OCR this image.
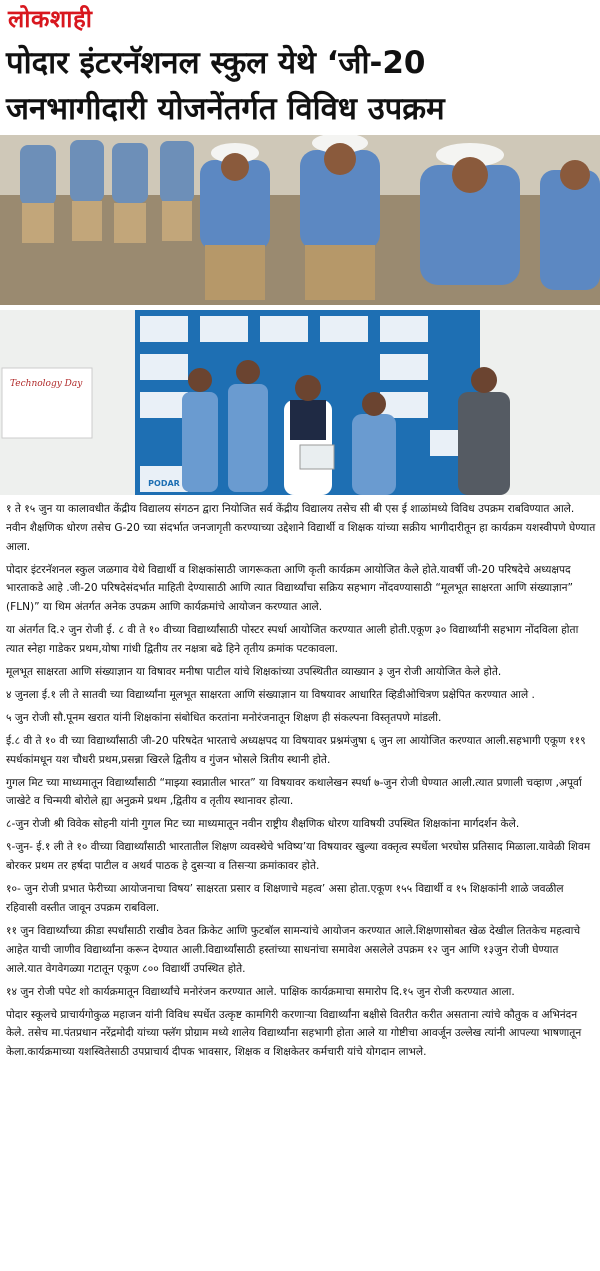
लोकशाही
पोदार इंटरनॅशनल स्कुल येथे ‘जी-20
जनभागीदारी योजनेंतर्गत विविध उपक्रम
PODAR
Technology Day

१ ते १५ जुन या कालावधीत केंद्रीय विद्यालय संगठन द्वारा नियोजित सर्व केंद्रीय विद्यालय तसेच सी बी एस ई शाळांमध्ये विविध उपक्रम राबविण्यात आले. नवीन शैक्षणिक धोरण तसेच G-20 च्या संदर्भात जनजागृती करण्याच्या उद्देशाने विद्यार्थी व शिक्षक यांच्या सक्रीय भागीदारीतून हा कार्यक्रम यशस्वीपणे घेण्यात आला.

पोदार इंटरनॅशनल स्कुल जळगाव येथे विद्यार्थी व शिक्षकांसाठी जागरूकता आणि कृती कार्यक्रम आयोजित केले होते.यावर्षी जी-20 परिषदेचे अध्यक्षपद भारताकडे आहे .जी-20 परिषदेसंदर्भात माहिती देण्यासाठी आणि त्यात विद्यार्थ्यांचा सक्रिय सहभाग नोंदवण्यासाठी “मूलभूत साक्षरता आणि संख्याज्ञान” (FLN)” या थिम अंतर्गत अनेक उपक्रम आणि कार्यक्रमांचे आयोजन करण्यात आले.

या अंतर्गत दि.२ जुन रोजी ई. ८ वी ते १० वीच्या विद्यार्थ्यांसाठी पोस्टर स्पर्धा आयोजित करण्यात आली होती.एकूण ३० विद्यार्थ्यांनी सहभाग नोंदविला होता त्यात स्नेहा गाडेकर प्रथम,योषा गांधी द्वितीय तर नक्षत्रा बढे हिने तृतीय क्रमांक पटकावला.

मूलभूत साक्षरता आणि संख्याज्ञान या विषावर मनीषा पाटील यांचे शिक्षकांच्या उपस्थितीत व्याख्यान ३ जुन रोजी आयोजित केले होते.

४ जुनला ई.१ ली ते सातवी च्या विद्यार्थ्यांना मूलभूत साक्षरता आणि संख्याज्ञान या विषयावर आधारित व्हिडीओचित्रण प्रक्षेपित करण्यात आले .

५ जुन रोजी सौ.पूनम खरात यांनी शिक्षकांना संबोधित करतांना मनोरंजनातून शिक्षण ही संकल्पना विस्तृतपणे मांडली.

ई.८ वी ते १० वी च्या विद्यार्थ्यांसाठी जी-20 परिषदेत भारताचे अध्यक्षपद या विषयावर प्रश्नमंजुषा ६ जुन ला आयोजित करण्यात आली.सहभागी एकूण ११९ स्पर्धकांमधून यश चौधरी प्रथम,प्रसन्ना खिरले द्वितीय व गुंजन भोसले त्रितीय स्थानी होते.

गुगल मिट च्या माध्यमातून विद्यार्थ्यांसाठी “माझ्या स्वप्नातील भारत” या विषयावर कथालेखन स्पर्धा ७-जुन रोजी घेण्यात आली.त्यात प्रणाली चव्हाण ,अपूर्वा जाखेटे व चिन्मयी बोरोले ह्या अनुक्रमे प्रथम ,द्वितीय व तृतीय स्थानावर होत्या.

८-जुन रोजी श्री विवेक सोहनी यांनी गुगल मिट च्या माध्यमातून नवीन राष्ट्रीय शैक्षणिक धोरण याविषयी उपस्थित शिक्षकांना मार्गदर्शन केले.

९-जुन- ई.१ ली ते १० वीच्या विद्यार्थ्यांसाठी भारतातील शिक्षण व्यवस्थेचे भविष्य’या विषयावर खुल्या वक्तृत्व स्पर्धेला भरघोस प्रतिसाद मिळाला.यावेळी शिवम बोरकर प्रथम तर हर्षदा पाटील व अथर्व पाठक हे दुसऱ्या व तिसऱ्या क्रमांकावर होते.

१०- जुन रोजी प्रभात फेरीच्या आयोजनाचा विषय’ साक्षरता प्रसार व शिक्षणाचे महत्व’ असा होता.एकूण १५५ विद्यार्थी व १५ शिक्षकांनी शाळे जवळील रहिवासी वस्तीत जावून उपक्रम राबविला.

११ जुन विद्यार्थ्यांच्या क्रीडा स्पर्धांसाठी राखीव ठेवत क्रिकेट आणि फुटबॉल सामन्यांचे आयोजन करण्यात आले.शिक्षणासोबत खेळ देखील तितकेच महत्वाचे आहेत याची जाणीव विद्यार्थ्यांना करून देण्यात आली.विद्यार्थ्यांसाठी हस्तांच्या साधनांचा समावेश असलेले उपक्रम १२ जुन आणि १३जुन रोजी घेण्यात आले.यात वेगवेगळ्या गटातून एकूण ८०० विद्यार्थी उपस्थित होते.

१४ जुन रोजी पपेट शो कार्यक्रमातून विद्यार्थ्यांचे मनोरंजन करण्यात आले. पाक्षिक कार्यक्रमाचा समारोप दि.१५ जुन रोजी करण्यात आला.

पोदार स्कूलचे प्राचार्यगोकुळ महाजन यांनी विविध स्पर्धेत उत्कृष्ट कामगिरी करणाऱ्या विद्यार्थ्यांना बक्षीसे वितरीत करीत असताना त्यांचे कौतुक व अभिनंदन केले. तसेच मा.पंतप्रधान नरेंद्रमोदी यांच्या फ्लॅग प्रोग्राम मध्ये शालेय विद्यार्थ्यांना सहभागी होता आले या गोष्टीचा आवर्जून उल्लेख त्यांनी आपल्या भाषणातून केला.कार्यक्रमाच्या यशस्वितेसाठी उपप्राचार्य दीपक भावसार, शिक्षक व शिक्षकेतर कर्मचारी यांचे योगदान लाभले.
